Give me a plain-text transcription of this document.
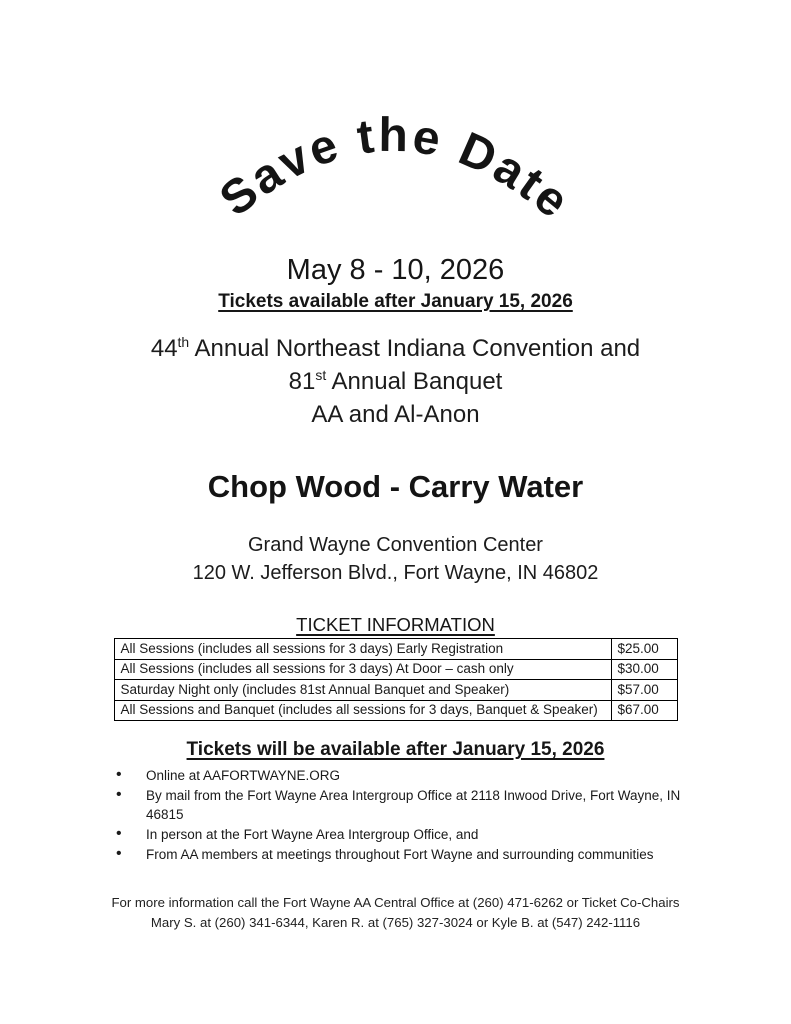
Save the Date
May 8 - 10, 2026
Tickets available after January 15, 2026
44th Annual Northeast Indiana Convention and
81st Annual Banquet
AA and Al-Anon
Chop Wood - Carry Water
Grand Wayne Convention Center
120 W. Jefferson Blvd., Fort Wayne, IN 46802
TICKET INFORMATION
All Sessions (includes all sessions for 3 days) Early Registration	$25.00
All Sessions (includes all sessions for 3 days) At Door – cash only	$30.00
Saturday Night only (includes 81st Annual Banquet and Speaker)	$57.00
All Sessions and Banquet (includes all sessions for 3 days, Banquet & Speaker)	$67.00
Tickets will be available after January 15, 2026
• Online at AAFORTWAYNE.ORG
• By mail from the Fort Wayne Area Intergroup Office at 2118 Inwood Drive, Fort Wayne, IN 46815
• In person at the Fort Wayne Area Intergroup Office, and
• From AA members at meetings throughout Fort Wayne and surrounding communities
For more information call the Fort Wayne AA Central Office at (260) 471-6262 or Ticket Co-Chairs
Mary S. at (260) 341-6344, Karen R. at (765) 327-3024 or Kyle B. at (547) 242-1116
